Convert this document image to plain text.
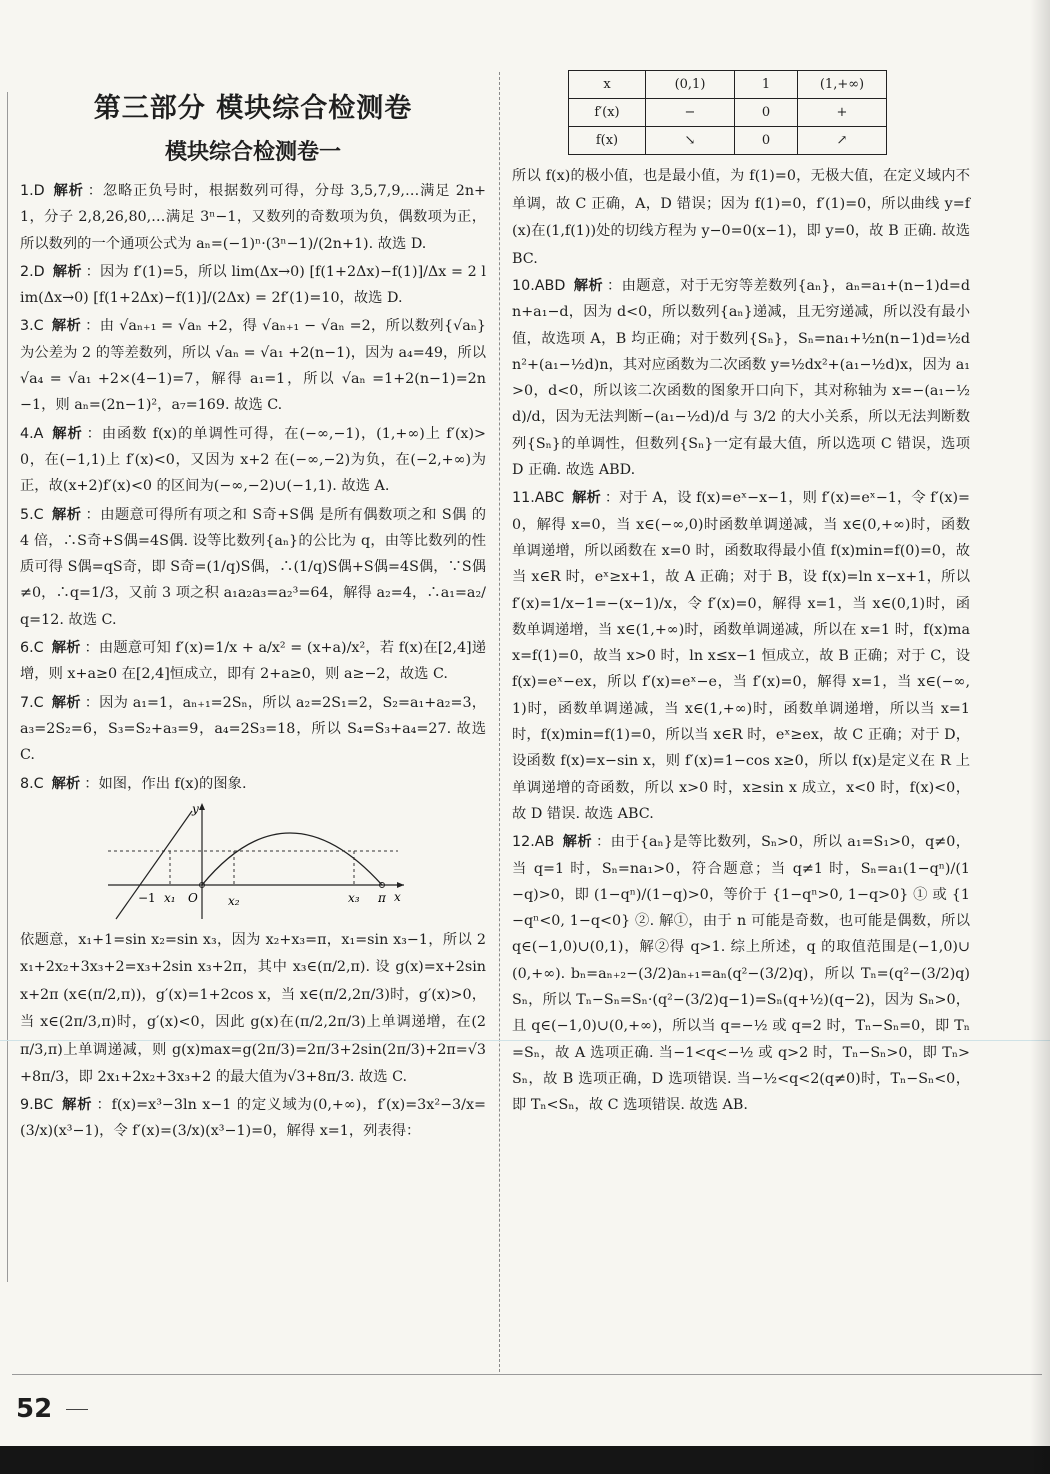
第三部分 模块综合检测卷
模块综合检测卷一

1.D 解析 ：忽略正负号时，根据数列可得，分母 3,5,7,9,…满足 2n+1，分子 2,8,26,80,…满足 3ⁿ−1，又数列的奇数项为负，偶数项为正，所以数列的一个通项公式为 aₙ=(−1)ⁿ·(3ⁿ−1)/(2n+1). 故选 D.

2.D 解析 ：因为 f′(1)=5，所以 lim(Δx→0) [f(1+2Δx)−f(1)]/Δx = 2 lim(Δx→0) [f(1+2Δx)−f(1)]/(2Δx) = 2f′(1)=10，故选 D.

3.C 解析 ：由 √aₙ₊₁ = √aₙ +2，得 √aₙ₊₁ − √aₙ =2，所以数列{√aₙ}为公差为 2 的等差数列，所以 √aₙ = √a₁ +2(n−1)，因为 a₄=49，所以 √a₄ = √a₁ +2×(4−1)=7，解得 a₁=1，所以 √aₙ =1+2(n−1)=2n−1，则 aₙ=(2n−1)²，a₇=169. 故选 C.

4.A 解析 ：由函数 f(x)的单调性可得，在(−∞,−1)，(1,+∞)上 f′(x)>0，在(−1,1)上 f′(x)<0，又因为 x+2 在(−∞,−2)为负，在(−2,+∞)为正，故(x+2)f′(x)<0 的区间为(−∞,−2)∪(−1,1). 故选 A.

5.C 解析 ：由题意可得所有项之和 S奇+S偶 是所有偶数项之和 S偶 的 4 倍，∴S奇+S偶=4S偶. 设等比数列{aₙ}的公比为 q，由等比数列的性质可得 S偶=qS奇，即 S奇=(1/q)S偶，∴(1/q)S偶+S偶=4S偶，∵S偶≠0，∴q=1/3，又前 3 项之积 a₁a₂a₃=a₂³=64，解得 a₂=4，∴a₁=a₂/q=12. 故选 C.

6.C 解析 ：由题意可知 f′(x)=1/x + a/x² = (x+a)/x²，若 f(x)在[2,4]递增，则 x+a≥0 在[2,4]恒成立，即有 2+a≥0，则 a≥−2，故选 C.

7.C 解析 ：因为 a₁=1，aₙ₊₁=2Sₙ，所以 a₂=2S₁=2，S₂=a₁+a₂=3，a₃=2S₂=6，S₃=S₂+a₃=9，a₄=2S₃=18，所以 S₄=S₃+a₄=27. 故选 C.

8.C 解析 ：如图，作出 f(x)的图象.

y
x
−1 x₁ O	x₂	x₃ π

依题意，x₁+1=sin x₂=sin x₃，因为 x₂+x₃=π，x₁=sin x₃−1，所以 2x₁+2x₂+3x₃+2=x₃+2sin x₃+2π，其中 x₃∈(π/2,π). 设 g(x)=x+2sin x+2π (x∈(π/2,π))，g′(x)=1+2cos x，当 x∈(π/2,2π/3)时，g′(x)>0，当 x∈(2π/3,π)时，g′(x)<0，因此 g(x)在(π/2,2π/3)上单调递增，在(2π/3,π)上单调递减，则 g(x)max=g(2π/3)=2π/3+2sin(2π/3)+2π=√3+8π/3，即 2x₁+2x₂+3x₃+2 的最大值为√3+8π/3. 故选 C.

9.BC 解析 ：f(x)=x³−3ln x−1 的定义域为(0,+∞)，f′(x)=3x²−3/x=(3/x)(x³−1)，令 f′(x)=(3/x)(x³−1)=0，解得 x=1，列表得：

x	(0,1)	1	(1,+∞)
f′(x)	−	0	+
f(x)	↘	0	↗

所以 f(x)的极小值，也是最小值，为 f(1)=0，无极大值，在定义域内不单调，故 C 正确，A，D 错误；因为 f(1)=0，f′(1)=0，所以曲线 y=f(x)在(1,f(1))处的切线方程为 y−0=0(x−1)，即 y=0，故 B 正确. 故选 BC.

10.ABD 解析 ：由题意，对于无穷等差数列{aₙ}，aₙ=a₁+(n−1)d=dn+a₁−d，因为 d<0，所以数列{aₙ}递减，且无穷递减，所以没有最小值，故选项 A，B 均正确；对于数列{Sₙ}，Sₙ=na₁+½n(n−1)d=½dn²+(a₁−½d)n，其对应函数为二次函数 y=½dx²+(a₁−½d)x，因为 a₁>0，d<0，所以该二次函数的图象开口向下，其对称轴为 x=−(a₁−½d)/d，因为无法判断−(a₁−½d)/d 与 3/2 的大小关系，所以无法判断数列{Sₙ}的单调性，但数列{Sₙ}一定有最大值，所以选项 C 错误，选项 D 正确. 故选 ABD.

11.ABC 解析 ：对于 A，设 f(x)=eˣ−x−1，则 f′(x)=eˣ−1，令 f′(x)=0，解得 x=0，当 x∈(−∞,0)时函数单调递减，当 x∈(0,+∞)时，函数单调递增，所以函数在 x=0 时，函数取得最小值 f(x)min=f(0)=0，故当 x∈R 时，eˣ≥x+1，故 A 正确；对于 B，设 f(x)=ln x−x+1，所以 f′(x)=1/x−1=−(x−1)/x，令 f′(x)=0，解得 x=1，当 x∈(0,1)时，函数单调递增，当 x∈(1,+∞)时，函数单调递减，所以在 x=1 时，f(x)max=f(1)=0，故当 x>0 时，ln x≤x−1 恒成立，故 B 正确；对于 C，设 f(x)=eˣ−ex，所以 f′(x)=eˣ−e，当 f′(x)=0，解得 x=1，当 x∈(−∞,1)时，函数单调递减，当 x∈(1,+∞)时，函数单调递增，所以当 x=1 时，f(x)min=f(1)=0，所以当 x∈R 时，eˣ≥ex，故 C 正确；对于 D，设函数 f(x)=x−sin x，则 f′(x)=1−cos x≥0，所以 f(x)是定义在 R 上单调递增的奇函数，所以 x>0 时，x≥sin x 成立，x<0 时，f(x)<0，故 D 错误. 故选 ABC.

12.AB 解析 ：由于{aₙ}是等比数列，Sₙ>0，所以 a₁=S₁>0，q≠0，当 q=1 时，Sₙ=na₁>0，符合题意；当 q≠1 时，Sₙ=a₁(1−qⁿ)/(1−q)>0，即 (1−qⁿ)/(1−q)>0，等价于 {1−qⁿ>0, 1−q>0} ① 或 {1−qⁿ<0, 1−q<0} ②. 解①，由于 n 可能是奇数，也可能是偶数，所以 q∈(−1,0)∪(0,1)，解②得 q>1. 综上所述，q 的取值范围是(−1,0)∪(0,+∞). bₙ=aₙ₊₂−(3/2)aₙ₊₁=aₙ(q²−(3/2)q)，所以 Tₙ=(q²−(3/2)q)Sₙ，所以 Tₙ−Sₙ=Sₙ·(q²−(3/2)q−1)=Sₙ(q+½)(q−2)，因为 Sₙ>0，且 q∈(−1,0)∪(0,+∞)，所以当 q=−½ 或 q=2 时，Tₙ−Sₙ=0，即 Tₙ=Sₙ，故 A 选项正确. 当−1<q<−½ 或 q>2 时，Tₙ−Sₙ>0，即 Tₙ>Sₙ，故 B 选项正确，D 选项错误. 当−½<q<2(q≠0)时，Tₙ−Sₙ<0，即 Tₙ<Sₙ，故 C 选项错误. 故选 AB.

52
